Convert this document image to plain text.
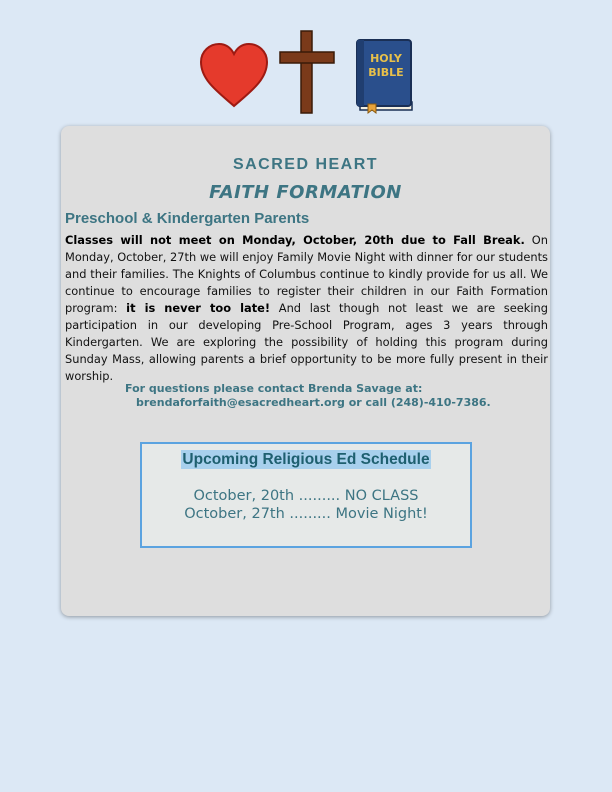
HOLY
BIBLE
SACRED HEART
FAITH FORMATION
Preschool & Kindergarten Parents
Classes will not meet on Monday, October, 20th due to Fall Break. On Monday, October, 27th we will enjoy Family Movie Night with dinner for our students and their families. The Knights of Columbus continue to kindly provide for us all. We continue to encourage families to register their children in our Faith Formation program: it is never too late! And last though not least we are seeking participation in our developing Pre-School Program, ages 3 years through Kindergarten. We are exploring the possibility of holding this program during Sunday Mass, allowing parents a brief opportunity to be more fully present in their worship.
For questions please contact Brenda Savage at:
brendaforfaith@esacredheart.org or call (248)-410-7386.
Upcoming Religious Ed Schedule
October, 20th ......... NO CLASS
October, 27th ......... Movie Night!
